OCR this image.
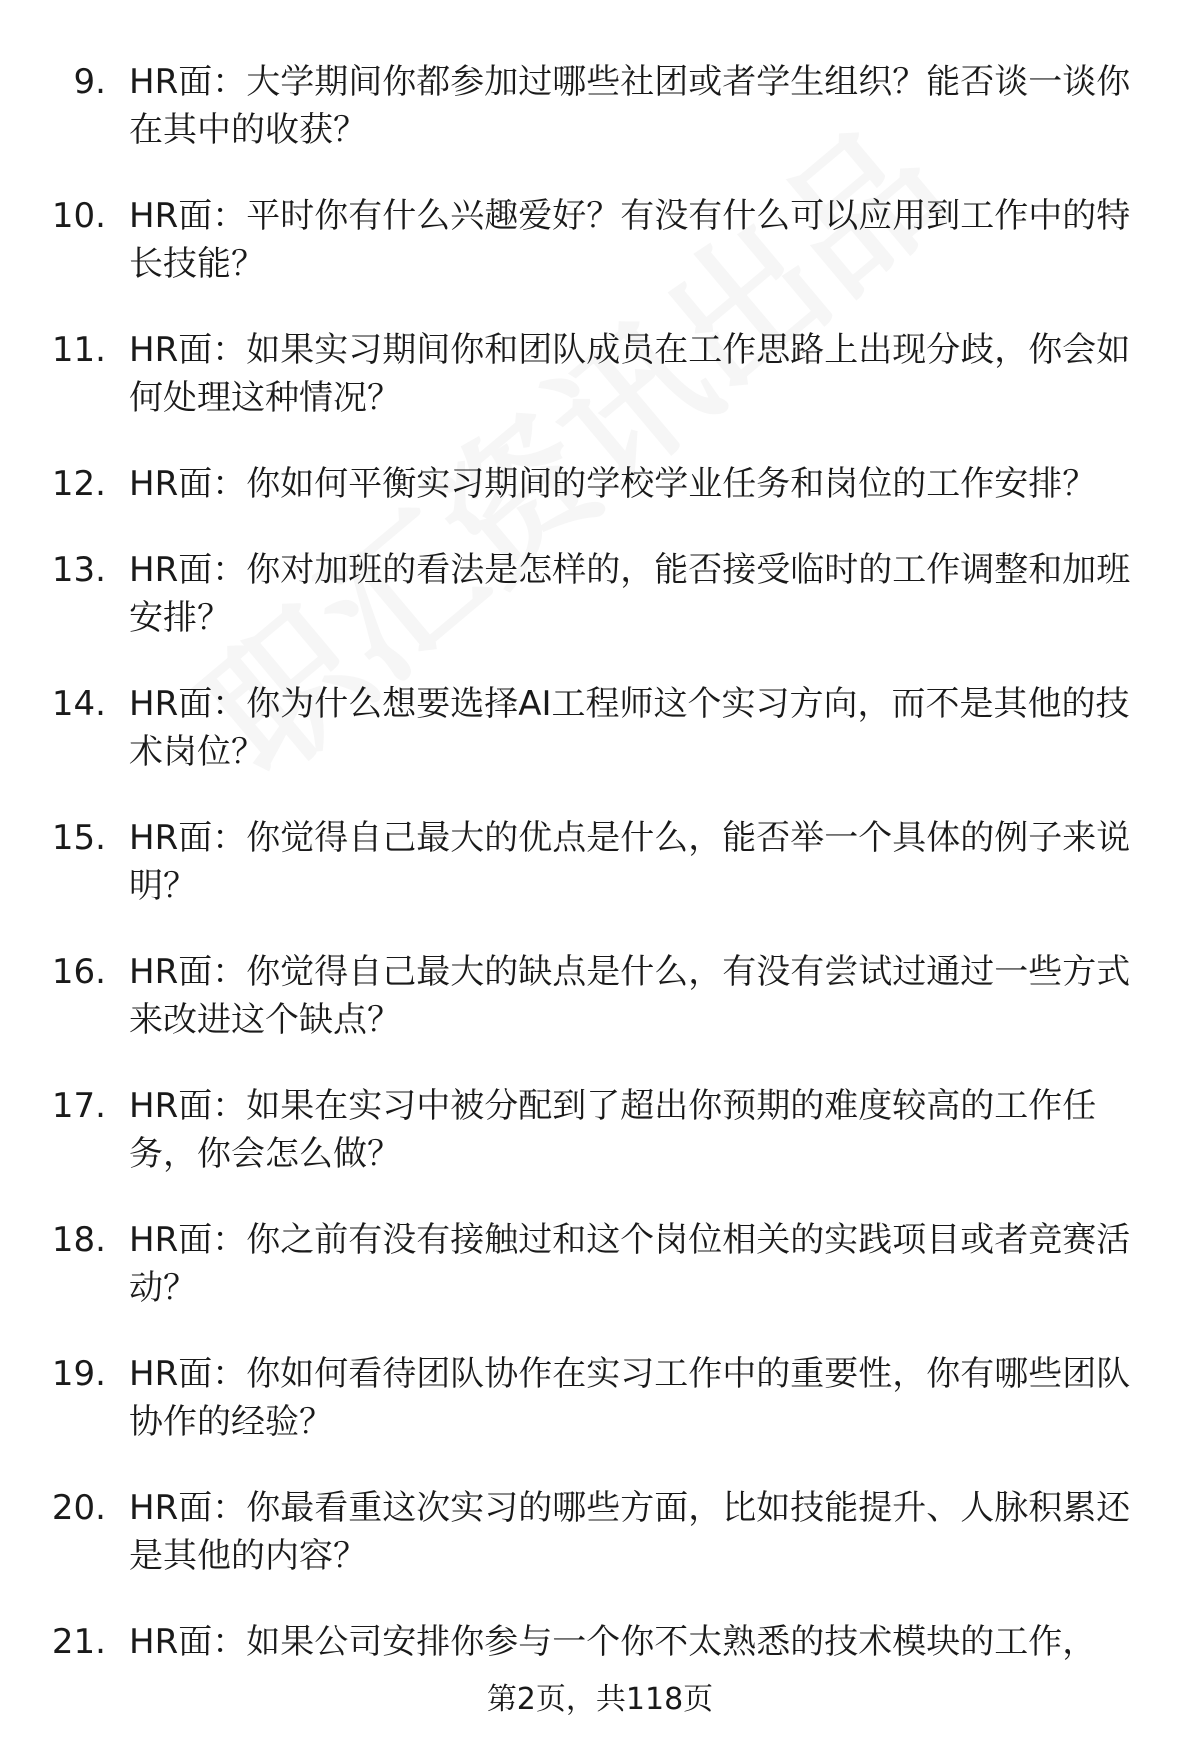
9. HR面：大学期间你都参加过哪些社团或者学生组织？能否谈一谈你在其中的收获？
10. HR面：平时你有什么兴趣爱好？有没有什么可以应用到工作中的特长技能？
11. HR面：如果实习期间你和团队成员在工作思路上出现分歧，你会如何处理这种情况？
12. HR面：你如何平衡实习期间的学校学业任务和岗位的工作安排？
13. HR面：你对加班的看法是怎样的，能否接受临时的工作调整和加班安排？
14. HR面：你为什么想要选择AI工程师这个实习方向，而不是其他的技术岗位？
15. HR面：你觉得自己最大的优点是什么，能否举一个具体的例子来说明？
16. HR面：你觉得自己最大的缺点是什么，有没有尝试过通过一些方式来改进这个缺点？
17. HR面：如果在实习中被分配到了超出你预期的难度较高的工作任务，你会怎么做？
18. HR面：你之前有没有接触过和这个岗位相关的实践项目或者竞赛活动？
19. HR面：你如何看待团队协作在实习工作中的重要性，你有哪些团队协作的经验？
20. HR面：你最看重这次实习的哪些方面，比如技能提升、人脉积累还是其他的内容？
21. HR面：如果公司安排你参与一个你不太熟悉的技术模块的工作，
第2页，共118页
